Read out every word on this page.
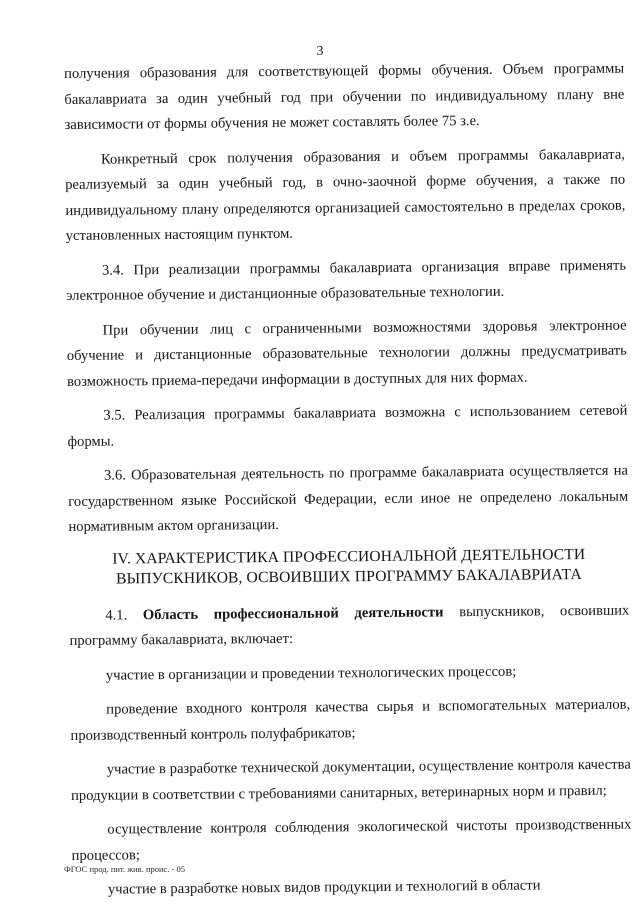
3

получения образования для соответствующей формы обучения. Объем программы бакалавриата за один учебный год при обучении по индивидуальному плану вне зависимости от формы обучения не может составлять более 75 з.е.

Конкретный срок получения образования и объем программы бакалавриата, реализуемый за один учебный год, в очно-заочной форме обучения, а также по индивидуальному плану определяются организацией самостоятельно в пределах сроков, установленных настоящим пунктом.

3.4. При реализации программы бакалавриата организация вправе применять электронное обучение и дистанционные образовательные технологии.

При обучении лиц с ограниченными возможностями здоровья электронное обучение и дистанционные образовательные технологии должны предусматривать возможность приема-передачи информации в доступных для них формах.

3.5. Реализация программы бакалавриата возможна с использованием сетевой формы.

3.6. Образовательная деятельность по программе бакалавриата осуществляется на государственном языке Российской Федерации, если иное не определено локальным нормативным актом организации.

IV. ХАРАКТЕРИСТИКА ПРОФЕССИОНАЛЬНОЙ ДЕЯТЕЛЬНОСТИ
ВЫПУСКНИКОВ, ОСВОИВШИХ ПРОГРАММУ БАКАЛАВРИАТА

4.1. Область профессиональной деятельности выпускников, освоивших программу бакалавриата, включает:

участие в организации и проведении технологических процессов;

проведение входного контроля качества сырья и вспомогательных материалов, производственный контроль полуфабрикатов;

участие в разработке технической документации, осуществление контроля качества продукции в соответствии с требованиями санитарных, ветеринарных норм и правил;

осуществление контроля соблюдения экологической чистоты производственных процессов;

участие в разработке новых видов продукции и технологий в области

ФГОС прод. пит. жив. проис. - 05
